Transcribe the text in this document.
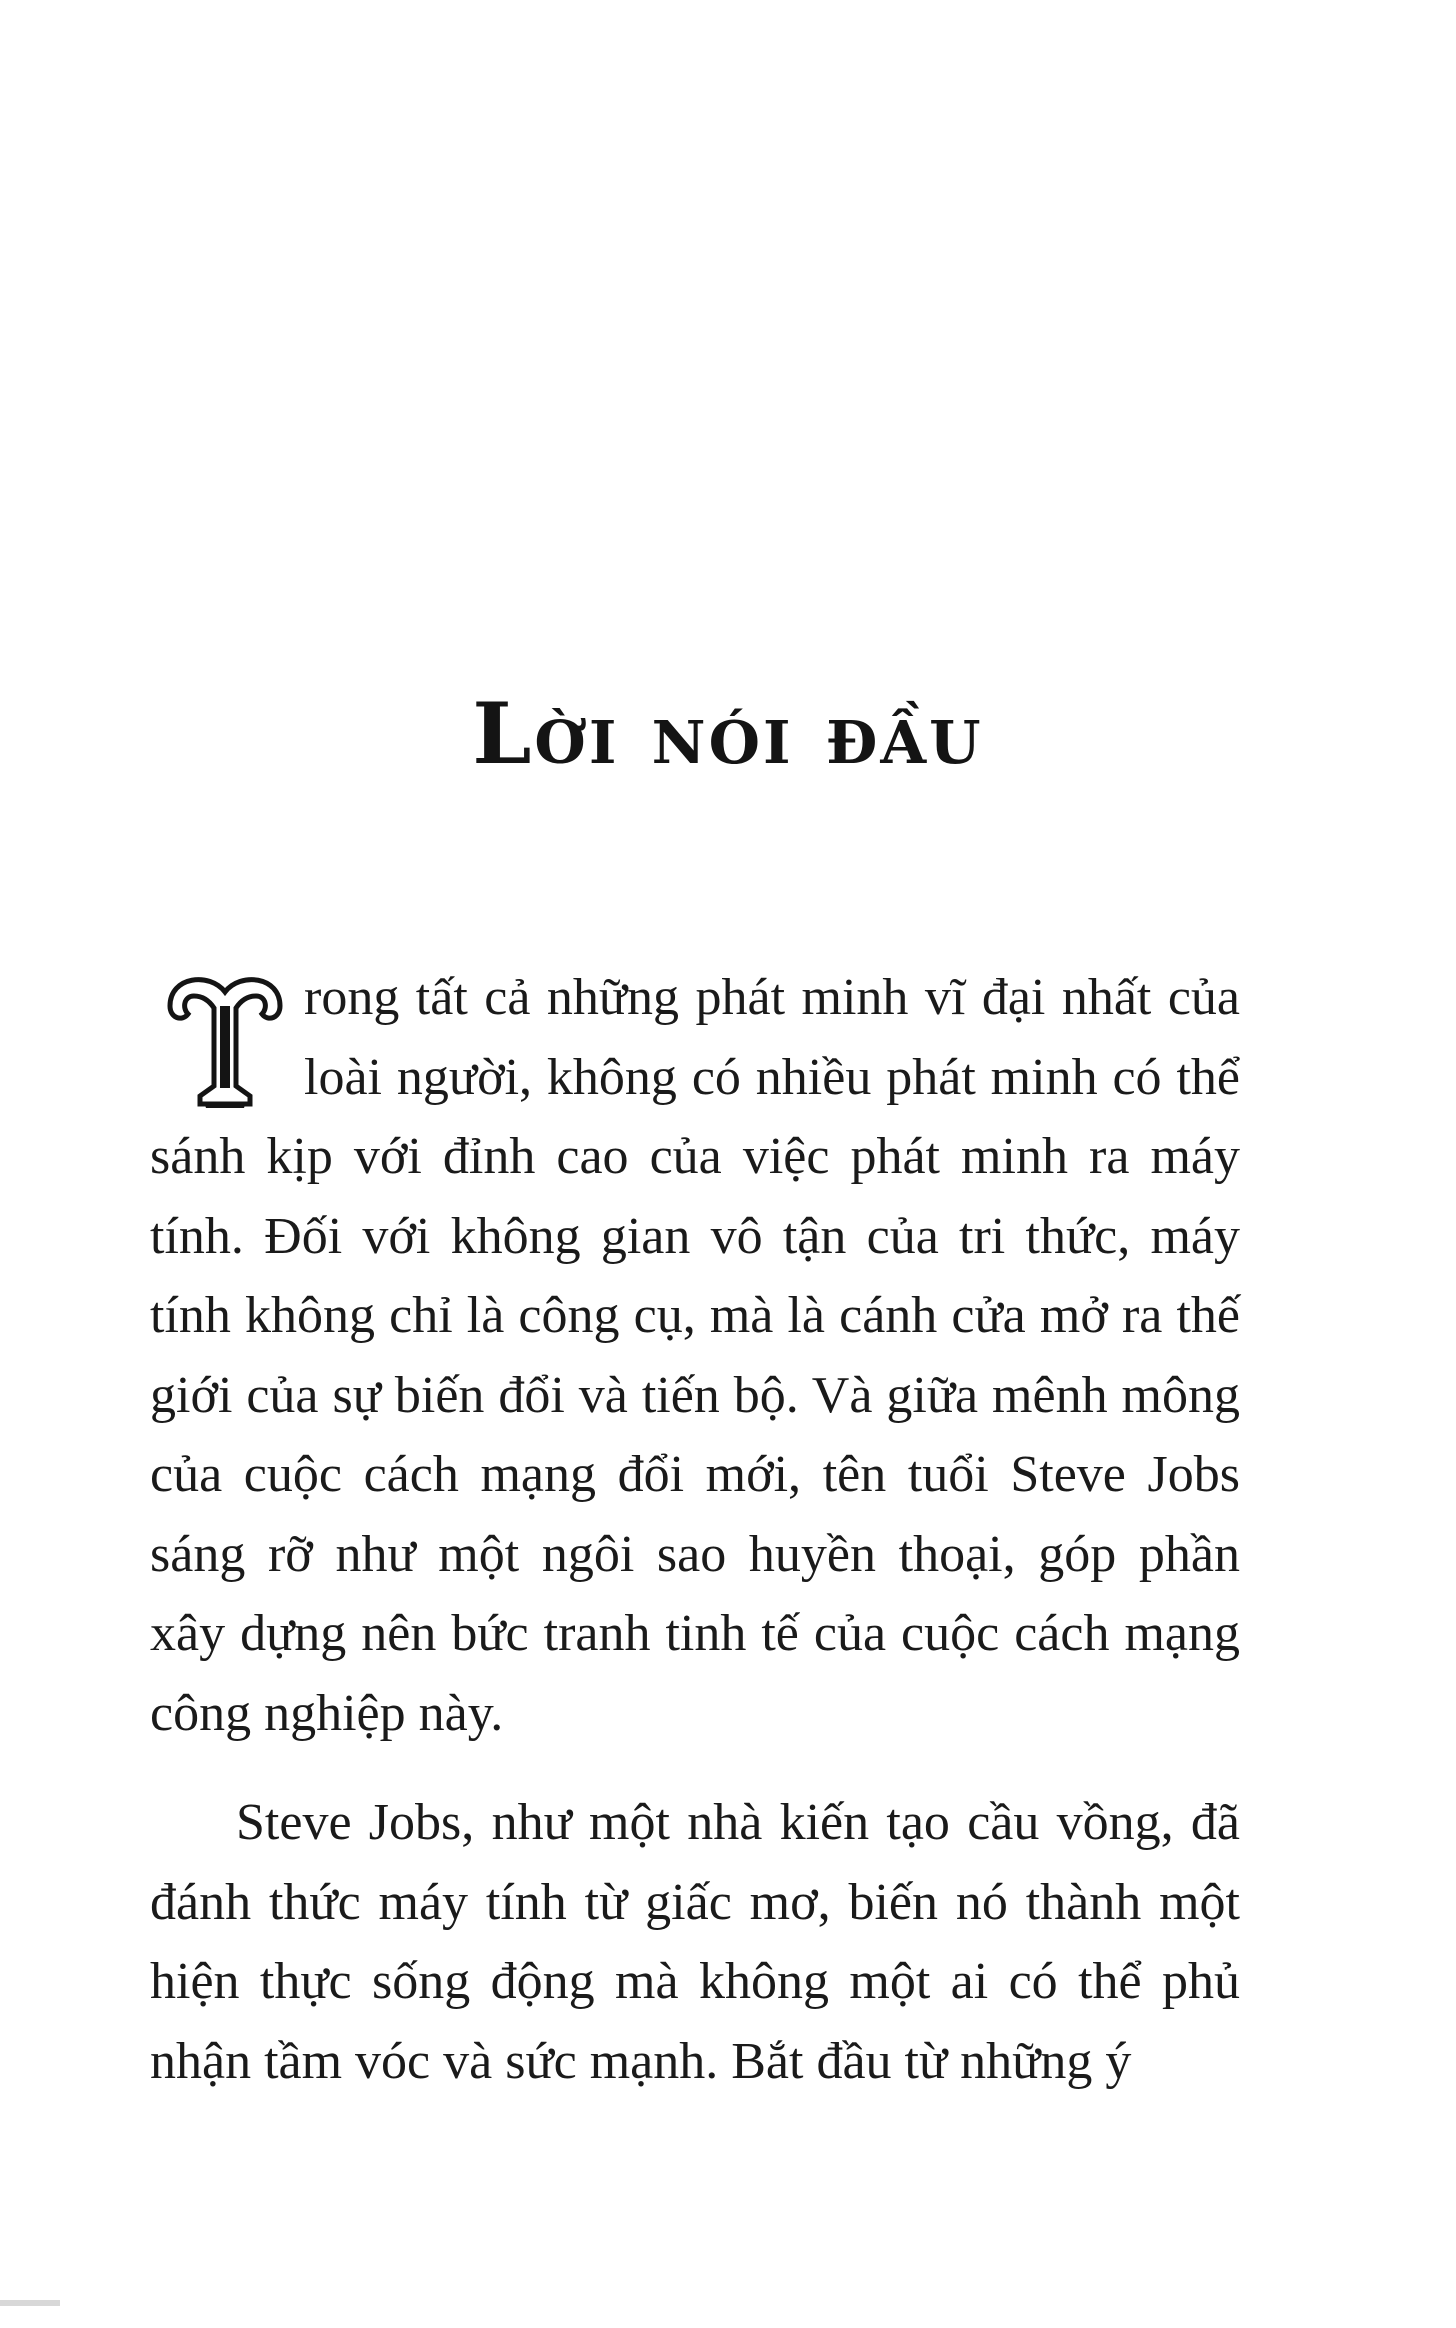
Lời nói đầu

rong tất cả những phát minh vĩ đại nhất của loài người, không có nhiều phát minh có thể sánh kịp với đỉnh cao của việc phát minh ra máy tính. Đối với không gian vô tận của tri thức, máy tính không chỉ là công cụ, mà là cánh cửa mở ra thế giới của sự biến đổi và tiến bộ. Và giữa mênh mông của cuộc cách mạng đổi mới, tên tuổi Steve Jobs sáng rỡ như một ngôi sao huyền thoại, góp phần xây dựng nên bức tranh tinh tế của cuộc cách mạng công nghiệp này.

Steve Jobs, như một nhà kiến tạo cầu vồng, đã đánh thức máy tính từ giấc mơ, biến nó thành một hiện thực sống động mà không một ai có thể phủ nhận tầm vóc và sức mạnh. Bắt đầu từ những ý
